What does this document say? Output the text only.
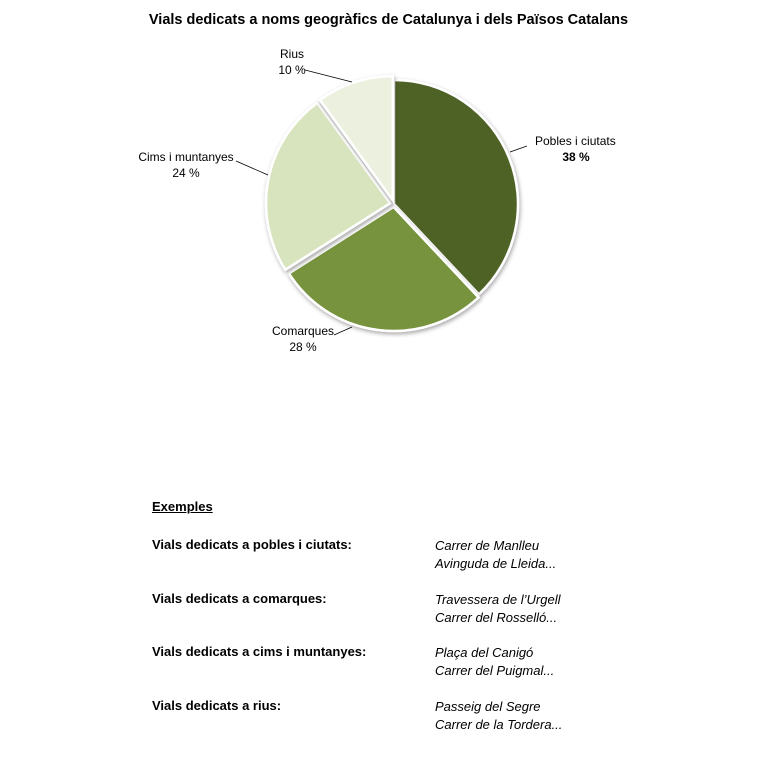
Vials dedicats a noms geogràfics de Catalunya i dels Països Catalans
Pobles i ciutats
38 %
Comarques
28 %
Cims i muntanyes
24 %
Rius
10 %
Exemples
Vials dedicats a pobles i ciutats:	Carrer de Manlleu
Avinguda de Lleida...
Vials dedicats a comarques:	Travessera de l’Urgell
Carrer del Rosselló...
Vials dedicats a cims i muntanyes:	Plaça del Canigó
Carrer del Puigmal...
Vials dedicats a rius:	Passeig del Segre
Carrer de la Tordera...
